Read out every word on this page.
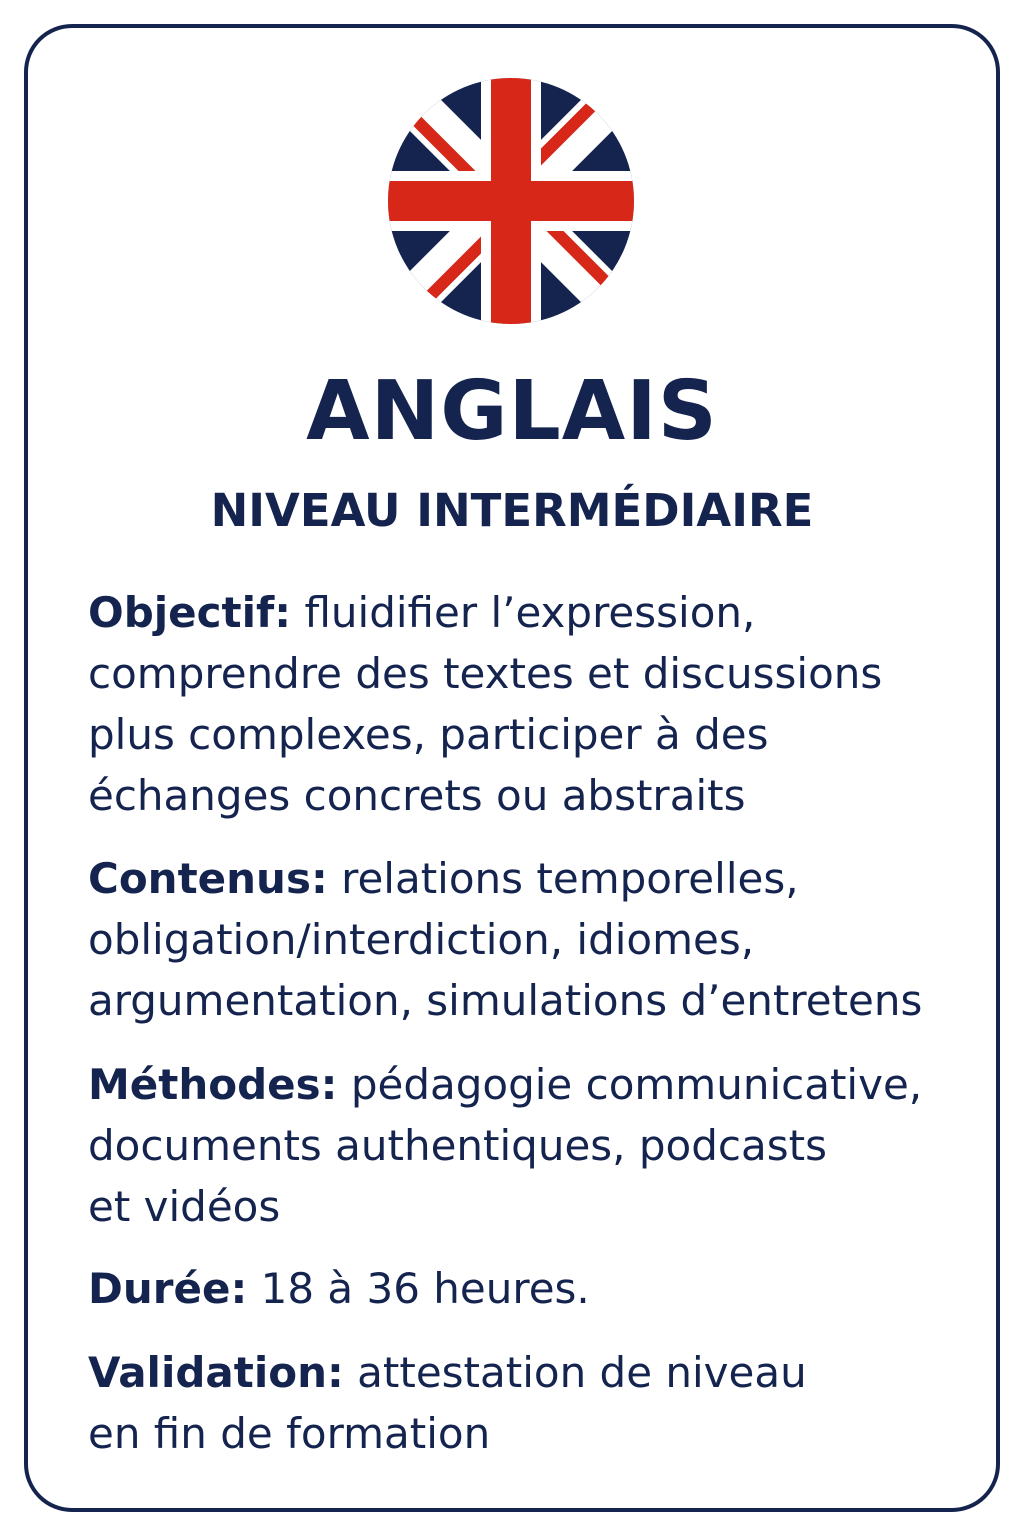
ANGLAIS
NIVEAU INTERMÉDIAIRE
Objectif: fluidifier l’expression,
comprendre des textes et discussions
plus complexes, participer à des
échanges concrets ou abstraits
Contenus: relations temporelles,
obligation/interdiction, idiomes,
argumentation, simulations d’entretens
Méthodes: pédagogie communicative,
documents authentiques, podcasts
et vidéos
Durée: 18 à 36 heures.
Validation: attestation de niveau
en fin de formation
